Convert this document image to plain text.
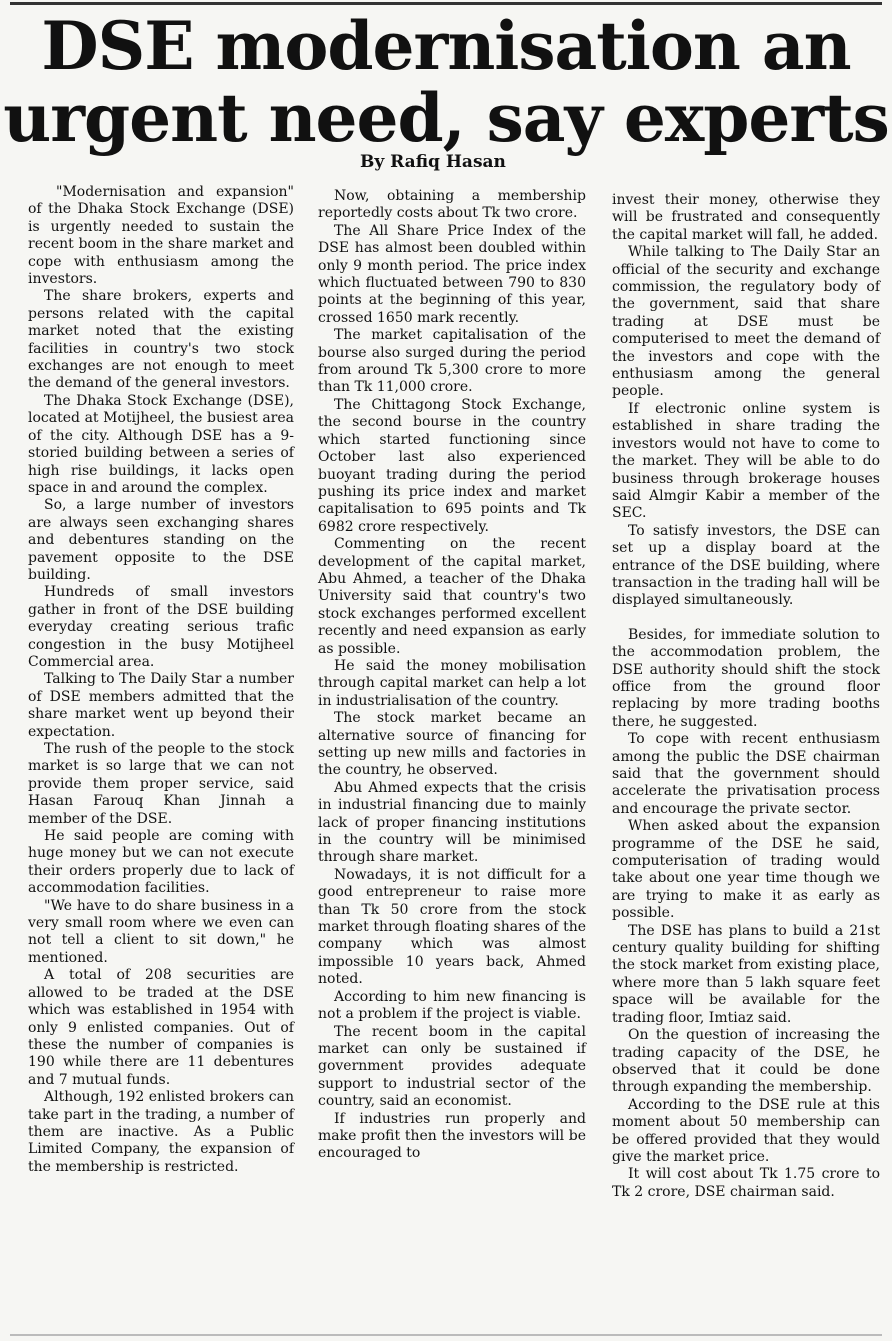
DSE modernisation an
urgent need, say experts
By Rafiq Hasan

"Modernisation and expansion" of the Dhaka Stock Exchange (DSE) is urgently needed to sustain the recent boom in the share market and cope with enthusiasm among the investors.

The share brokers, experts and persons related with the capital market noted that the existing facilities in country's two stock exchanges are not enough to meet the demand of the general investors.

The Dhaka Stock Exchange (DSE), located at Motijheel, the busiest area of the city. Although DSE has a 9-storied building between a series of high rise buildings, it lacks open space in and around the complex.

So, a large number of investors are always seen exchanging shares and debentures standing on the pavement opposite to the DSE building.

Hundreds of small investors gather in front of the DSE building everyday creating serious trafic congestion in the busy Motijheel Commercial area.

Talking to The Daily Star a number of DSE members admitted that the share market went up beyond their expectation.

The rush of the people to the stock market is so large that we can not provide them proper service, said Hasan Farouq Khan Jinnah a member of the DSE.

He said people are coming with huge money but we can not execute their orders properly due to lack of accommodation facilities.

"We have to do share business in a very small room where we even can not tell a client to sit down," he mentioned.

A total of 208 securities are allowed to be traded at the DSE which was established in 1954 with only 9 enlisted companies. Out of these the number of companies is 190 while there are 11 debentures and 7 mutual funds.

Although, 192 enlisted brokers can take part in the trading, a number of them are inactive. As a Public Limited Company, the expansion of the membership is restricted.

Now, obtaining a membership reportedly costs about Tk two crore.

The All Share Price Index of the DSE has almost been doubled within only 9 month period. The price index which fluctuated between 790 to 830 points at the beginning of this year, crossed 1650 mark recently.

The market capitalisation of the bourse also surged during the period from around Tk 5,300 crore to more than Tk 11,000 crore.

The Chittagong Stock Exchange, the second bourse in the country which started functioning since October last also experienced buoyant trading during the period pushing its price index and market capitalisation to 695 points and Tk 6982 crore respectively.

Commenting on the recent development of the capital market, Abu Ahmed, a teacher of the Dhaka University said that country's two stock exchanges performed excellent recently and need expansion as early as possible.

He said the money mobilisation through capital market can help a lot in industrialisation of the country.

The stock market became an alternative source of financing for setting up new mills and factories in the country, he observed.

Abu Ahmed expects that the crisis in industrial financing due to mainly lack of proper financing institutions in the country will be minimised through share market.

Nowadays, it is not difficult for a good entrepreneur to raise more than Tk 50 crore from the stock market through floating shares of the company which was almost impossible 10 years back, Ahmed noted.

According to him new financing is not a problem if the project is viable.

The recent boom in the capital market can only be sustained if government provides adequate support to industrial sector of the country, said an economist.

If industries run properly and make profit then the investors will be encouraged to

invest their money, otherwise they will be frustrated and consequently the capital market will fall, he added.

While talking to The Daily Star an official of the security and exchange commission, the regulatory body of the government, said that share trading at DSE must be computerised to meet the demand of the investors and cope with the enthusiasm among the general people.

If electronic online system is established in share trading the investors would not have to come to the market. They will be able to do business through brokerage houses said Almgir Kabir a member of the SEC.

To satisfy investors, the DSE can set up a display board at the entrance of the DSE building, where transaction in the trading hall will be displayed simultaneously.

Besides, for immediate solution to the accommodation problem, the DSE authority should shift the stock office from the ground floor replacing by more trading booths there, he suggested.

To cope with recent enthusiasm among the public the DSE chairman said that the government should accelerate the privatisation process and encourage the private sector.

When asked about the expansion programme of the DSE he said, computerisation of trading would take about one year time though we are trying to make it as early as possible.

The DSE has plans to build a 21st century quality building for shifting the stock market from existing place, where more than 5 lakh square feet space will be available for the trading floor, Imtiaz said.

On the question of increasing the trading capacity of the DSE, he observed that it could be done through expanding the membership.

According to the DSE rule at this moment about 50 membership can be offered provided that they would give the market price.

It will cost about Tk 1.75 crore to Tk 2 crore, DSE chairman said.
